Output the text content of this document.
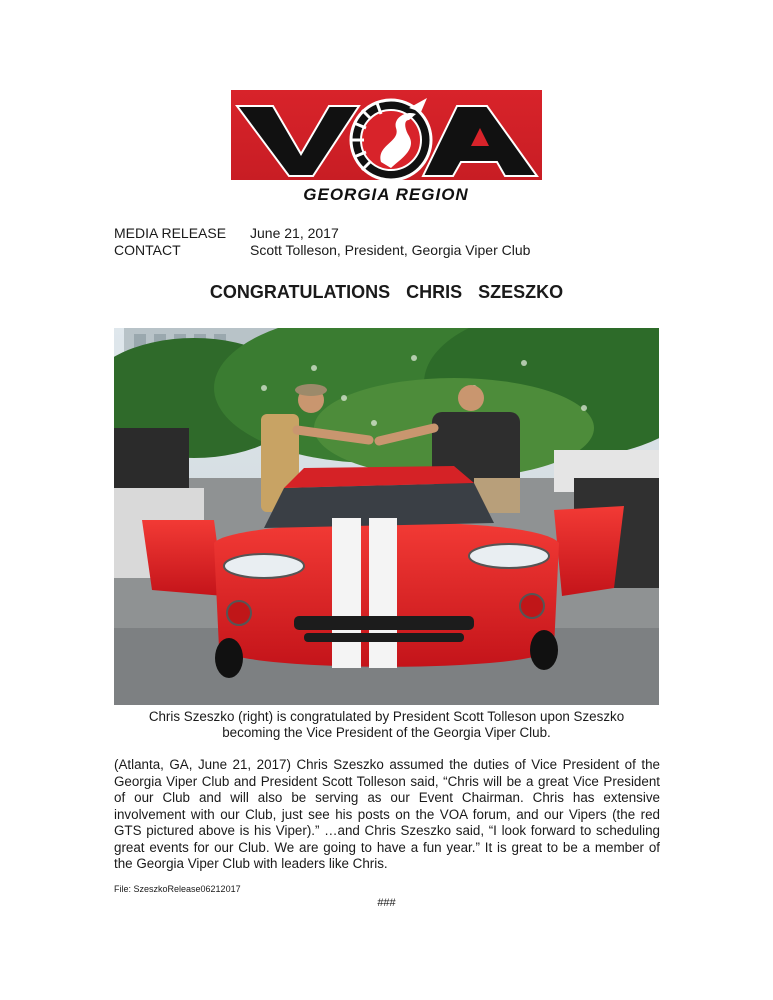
GEORGIA REGION
MEDIA RELEASE	June 21, 2017
CONTACT	Scott Tolleson, President, Georgia Viper Club
CONGRATULATIONS  CHRIS  SZESZKO
Chris Szeszko (right) is congratulated by President Scott Tolleson upon Szeszko
becoming the Vice President of the Georgia Viper Club.
(Atlanta, GA, June 21, 2017) Chris Szeszko assumed the duties of Vice President of the Georgia Viper Club and President Scott Tolleson said, “Chris will be a great Vice President of our Club and will also be serving as our Event Chairman. Chris has extensive involvement with our Club, just see his posts on the VOA forum, and our Vipers (the red GTS pictured above is his Viper).” …and Chris Szeszko said, “I look forward to scheduling great events for our Club. We are going to have a fun year.” It is great to be a member of the Georgia Viper Club with leaders like Chris.
File: SzeszkoRelease06212017
###
